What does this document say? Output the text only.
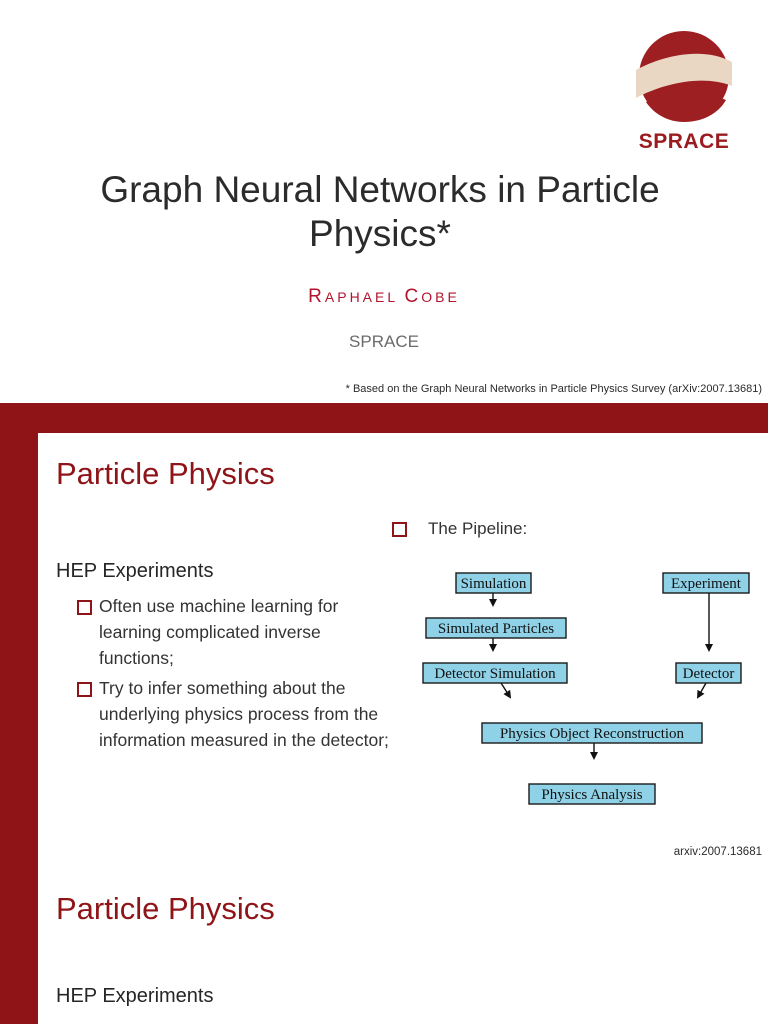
SPRACE
Graph Neural Networks in Particle Physics*
RAPHAEL COBE
SPRACE
* Based on the Graph Neural Networks in Particle Physics Survey (arXiv:2007.13681)
Particle Physics
HEP Experiments
Often use machine learning for learning complicated inverse functions;
Try to infer something about the underlying physics process from the information measured in the detector;
The Pipeline:
Simulation
Simulated Particles
Detector Simulation
Experiment
Detector
Physics Object Reconstruction
Physics Analysis
arxiv:2007.13681
Particle Physics
HEP Experiments
